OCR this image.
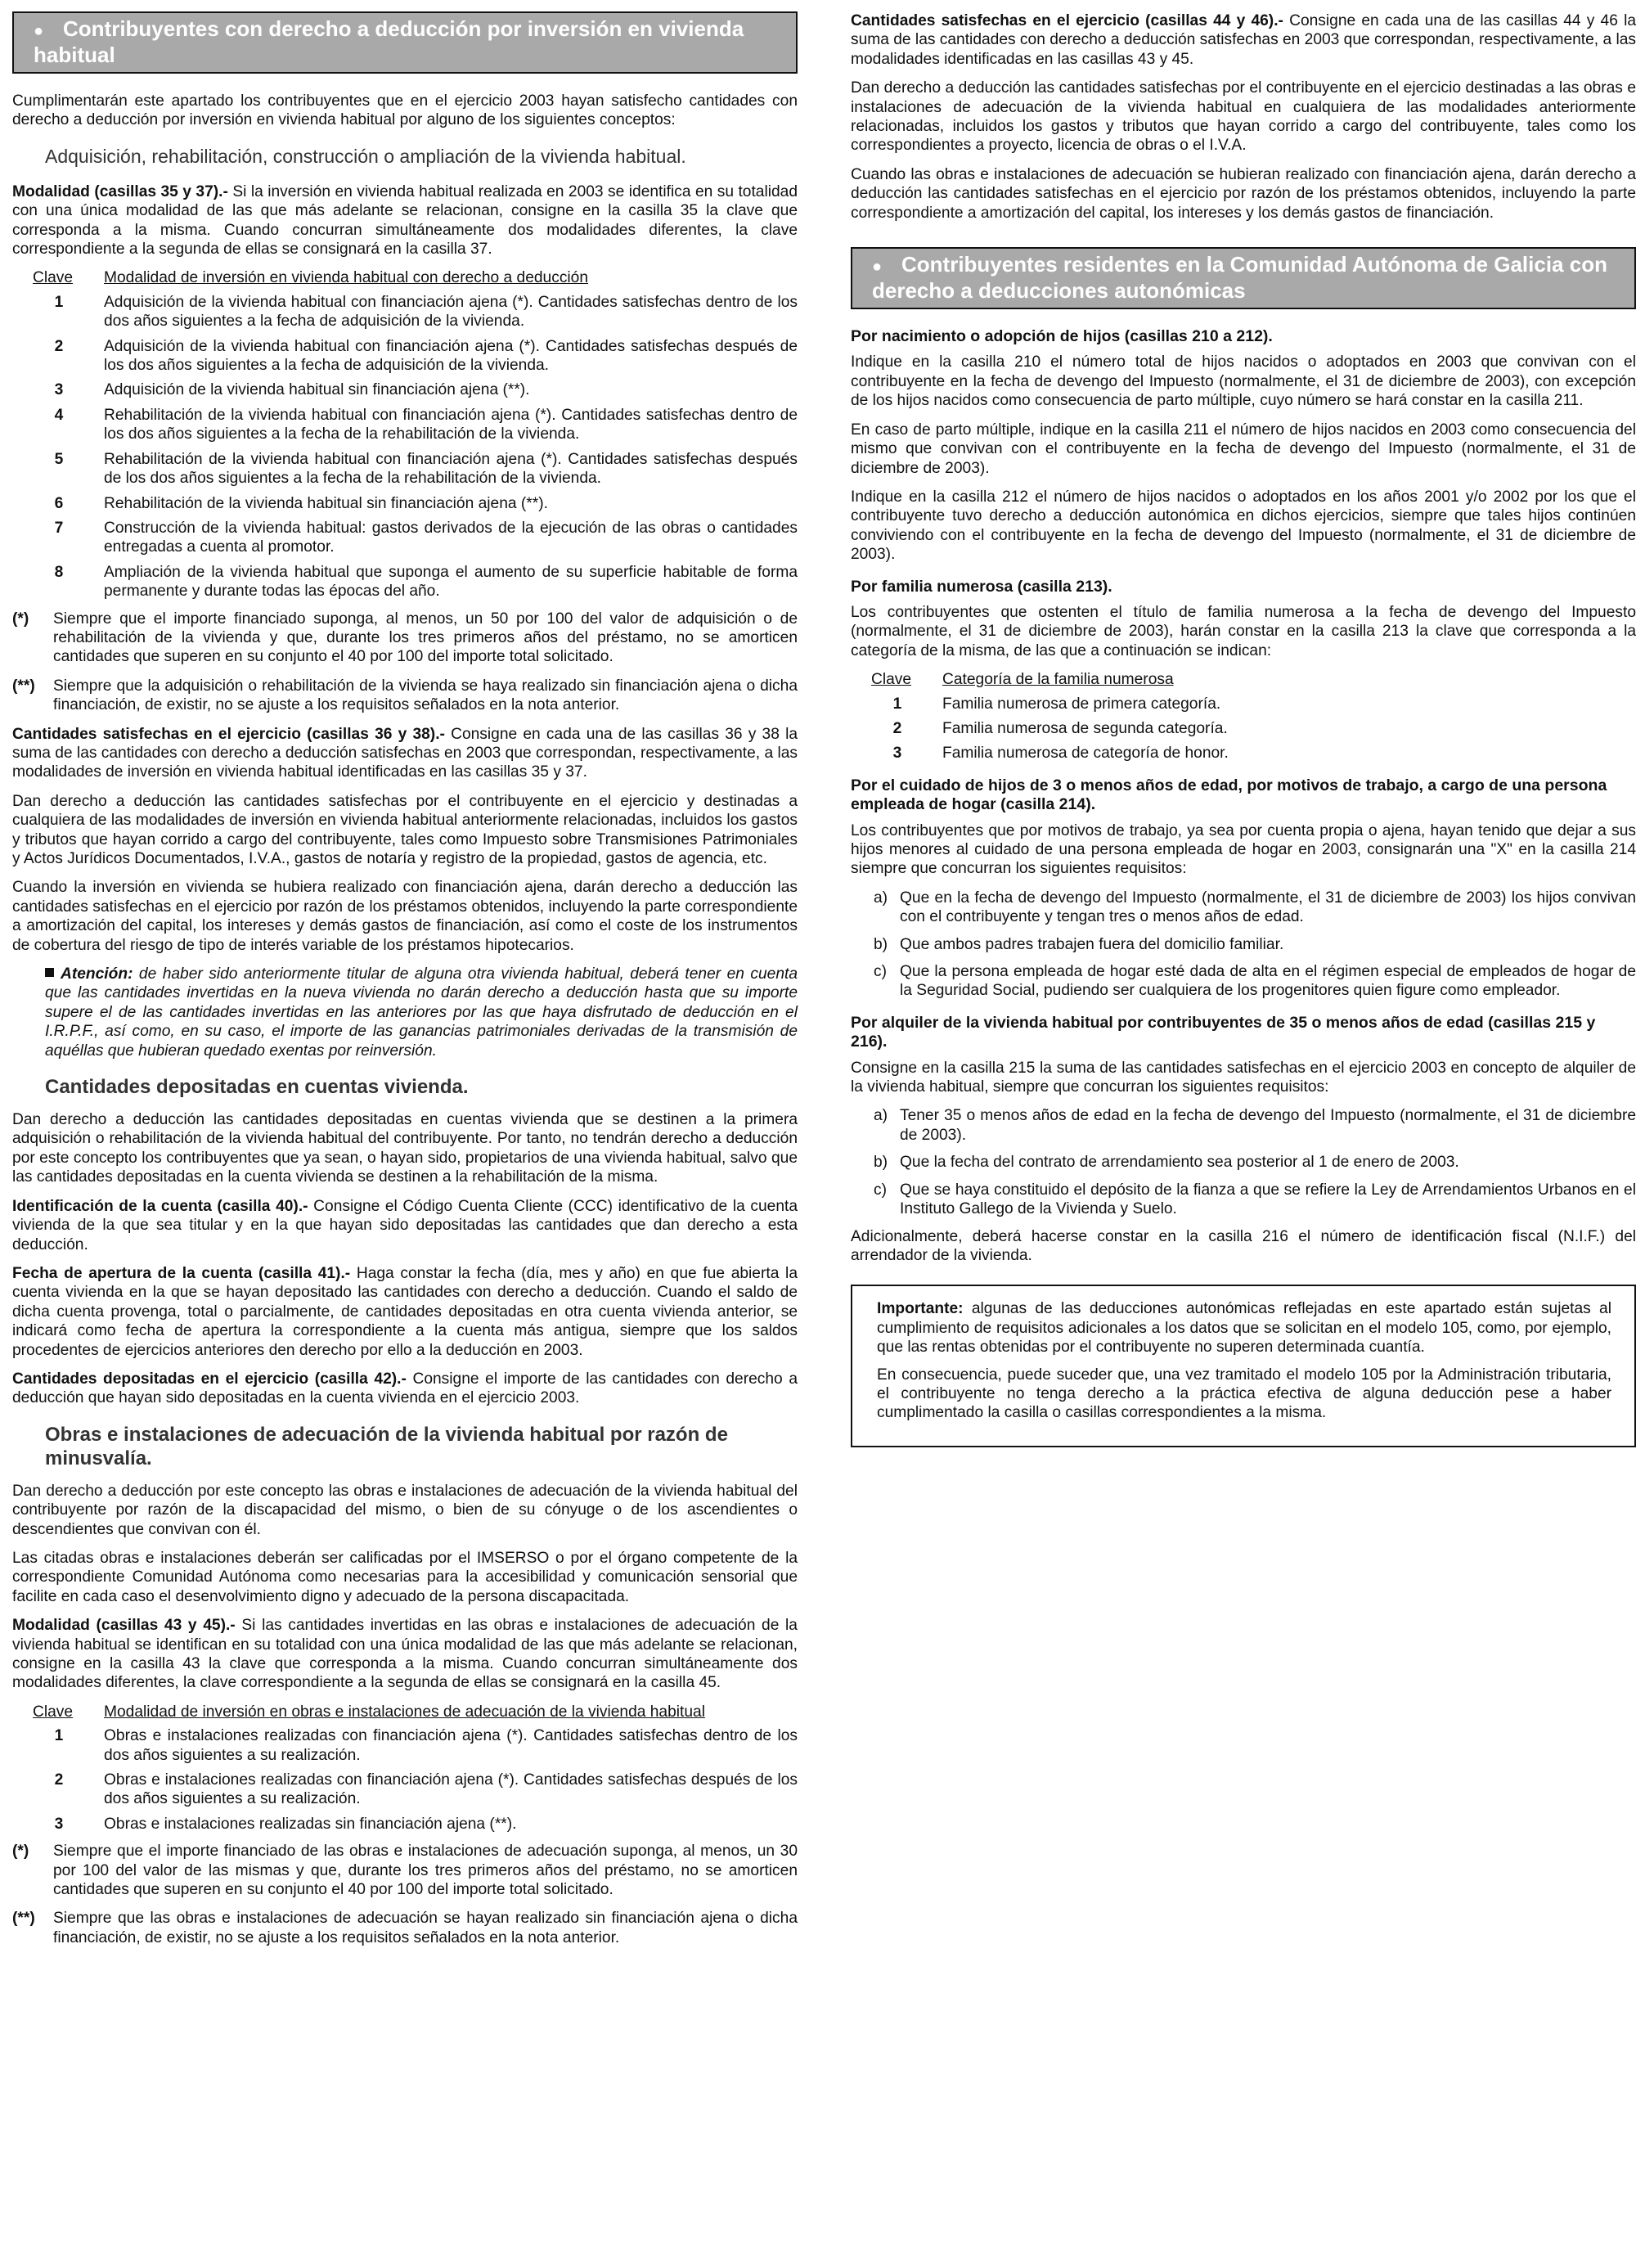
● Contribuyentes con derecho a deducción por inversión en vivienda habitual

Cumplimentarán este apartado los contribuyentes que en el ejercicio 2003 hayan satisfecho cantidades con derecho a deducción por inversión en vivienda habitual por alguno de los siguientes conceptos:

Adquisición, rehabilitación, construcción o ampliación de la vivienda habitual.

Modalidad (casillas 35 y 37).- Si la inversión en vivienda habitual realizada en 2003 se identifica en su totalidad con una única modalidad de las que más adelante se relacionan, consigne en la casilla 35 la clave que corresponda a la misma. Cuando concurran simultáneamente dos modalidades diferentes, la clave correspondiente a la segunda de ellas se consignará en la casilla 37.

Clave Modalidad de inversión en vivienda habitual con derecho a deducción
1	Adquisición de la vivienda habitual con financiación ajena (*). Cantidades satisfechas dentro de los dos años siguientes a la fecha de adquisición de la vivienda.
2	Adquisición de la vivienda habitual con financiación ajena (*). Cantidades satisfechas después de los dos años siguientes a la fecha de adquisición de la vivienda.
3	Adquisición de la vivienda habitual sin financiación ajena (**).
4	Rehabilitación de la vivienda habitual con financiación ajena (*). Cantidades satisfechas dentro de los dos años siguientes a la fecha de la rehabilitación de la vivienda.
5	Rehabilitación de la vivienda habitual con financiación ajena (*). Cantidades satisfechas después de los dos años siguientes a la fecha de la rehabilitación de la vivienda.
6	Rehabilitación de la vivienda habitual sin financiación ajena (**).
7	Construcción de la vivienda habitual: gastos derivados de la ejecución de las obras o cantidades entregadas a cuenta al promotor.
8	Ampliación de la vivienda habitual que suponga el aumento de su superficie habitable de forma permanente y durante todas las épocas del año.
(*)	Siempre que el importe financiado suponga, al menos, un 50 por 100 del valor de adquisición o de rehabilitación de la vivienda y que, durante los tres primeros años del préstamo, no se amorticen cantidades que superen en su conjunto el 40 por 100 del importe total solicitado.
(**)	Siempre que la adquisición o rehabilitación de la vivienda se haya realizado sin financiación ajena o dicha financiación, de existir, no se ajuste a los requisitos señalados en la nota anterior.

Cantidades satisfechas en el ejercicio (casillas 36 y 38).- Consigne en cada una de las casillas 36 y 38 la suma de las cantidades con derecho a deducción satisfechas en 2003 que correspondan, respectivamente, a las modalidades de inversión en vivienda habitual identificadas en las casillas 35 y 37.

Dan derecho a deducción las cantidades satisfechas por el contribuyente en el ejercicio y destinadas a cualquiera de las modalidades de inversión en vivienda habitual anteriormente relacionadas, incluidos los gastos y tributos que hayan corrido a cargo del contribuyente, tales como Impuesto sobre Transmisiones Patrimoniales y Actos Jurídicos Documentados, I.V.A., gastos de notaría y registro de la propiedad, gastos de agencia, etc.

Cuando la inversión en vivienda se hubiera realizado con financiación ajena, darán derecho a deducción las cantidades satisfechas en el ejercicio por razón de los préstamos obtenidos, incluyendo la parte correspondiente a amortización del capital, los intereses y demás gastos de financiación, así como el coste de los instrumentos de cobertura del riesgo de tipo de interés variable de los préstamos hipotecarios.

Atención: de haber sido anteriormente titular de alguna otra vivienda habitual, deberá tener en cuenta que las cantidades invertidas en la nueva vivienda no darán derecho a deducción hasta que su importe supere el de las cantidades invertidas en las anteriores por las que haya disfrutado de deducción en el I.R.P.F., así como, en su caso, el importe de las ganancias patrimoniales derivadas de la transmisión de aquéllas que hubieran quedado exentas por reinversión.

Cantidades depositadas en cuentas vivienda.

Dan derecho a deducción las cantidades depositadas en cuentas vivienda que se destinen a la primera adquisición o rehabilitación de la vivienda habitual del contribuyente. Por tanto, no tendrán derecho a deducción por este concepto los contribuyentes que ya sean, o hayan sido, propietarios de una vivienda habitual, salvo que las cantidades depositadas en la cuenta vivienda se destinen a la rehabilitación de la misma.

Identificación de la cuenta (casilla 40).- Consigne el Código Cuenta Cliente (CCC) identificativo de la cuenta vivienda de la que sea titular y en la que hayan sido depositadas las cantidades que dan derecho a esta deducción.

Fecha de apertura de la cuenta (casilla 41).- Haga constar la fecha (día, mes y año) en que fue abierta la cuenta vivienda en la que se hayan depositado las cantidades con derecho a deducción. Cuando el saldo de dicha cuenta provenga, total o parcialmente, de cantidades depositadas en otra cuenta vivienda anterior, se indicará como fecha de apertura la correspondiente a la cuenta más antigua, siempre que los saldos procedentes de ejercicios anteriores den derecho por ello a la deducción en 2003.

Cantidades depositadas en el ejercicio (casilla 42).- Consigne el importe de las cantidades con derecho a deducción que hayan sido depositadas en la cuenta vivienda en el ejercicio 2003.

Obras e instalaciones de adecuación de la vivienda habitual por razón de minusvalía.

Dan derecho a deducción por este concepto las obras e instalaciones de adecuación de la vivienda habitual del contribuyente por razón de la discapacidad del mismo, o bien de su cónyuge o de los ascendientes o descendientes que convivan con él.

Las citadas obras e instalaciones deberán ser calificadas por el IMSERSO o por el órgano competente de la correspondiente Comunidad Autónoma como necesarias para la accesibilidad y comunicación sensorial que facilite en cada caso el desenvolvimiento digno y adecuado de la persona discapacitada.

Modalidad (casillas 43 y 45).- Si las cantidades invertidas en las obras e instalaciones de adecuación de la vivienda habitual se identifican en su totalidad con una única modalidad de las que más adelante se relacionan, consigne en la casilla 43 la clave que corresponda a la misma. Cuando concurran simultáneamente dos modalidades diferentes, la clave correspondiente a la segunda de ellas se consignará en la casilla 45.

Clave Modalidad de inversión en obras e instalaciones de adecuación de la vivienda habitual
1	Obras e instalaciones realizadas con financiación ajena (*). Cantidades satisfechas dentro de los dos años siguientes a su realización.
2	Obras e instalaciones realizadas con financiación ajena (*). Cantidades satisfechas después de los dos años siguientes a su realización.
3	Obras e instalaciones realizadas sin financiación ajena (**).
(*)	Siempre que el importe financiado de las obras e instalaciones de adecuación suponga, al menos, un 30 por 100 del valor de las mismas y que, durante los tres primeros años del préstamo, no se amorticen cantidades que superen en su conjunto el 40 por 100 del importe total solicitado.
(**)	Siempre que las obras e instalaciones de adecuación se hayan realizado sin financiación ajena o dicha financiación, de existir, no se ajuste a los requisitos señalados en la nota anterior.

Cantidades satisfechas en el ejercicio (casillas 44 y 46).- Consigne en cada una de las casillas 44 y 46 la suma de las cantidades con derecho a deducción satisfechas en 2003 que correspondan, respectivamente, a las modalidades identificadas en las casillas 43 y 45.

Dan derecho a deducción las cantidades satisfechas por el contribuyente en el ejercicio destinadas a las obras e instalaciones de adecuación de la vivienda habitual en cualquiera de las modalidades anteriormente relacionadas, incluidos los gastos y tributos que hayan corrido a cargo del contribuyente, tales como los correspondientes a proyecto, licencia de obras o el I.V.A.

Cuando las obras e instalaciones de adecuación se hubieran realizado con financiación ajena, darán derecho a deducción las cantidades satisfechas en el ejercicio por razón de los préstamos obtenidos, incluyendo la parte correspondiente a amortización del capital, los intereses y los demás gastos de financiación.

● Contribuyentes residentes en la Comunidad Autónoma de Galicia con derecho a deducciones autonómicas
Por nacimiento o adopción de hijos (casillas 210 a 212).

Indique en la casilla 210 el número total de hijos nacidos o adoptados en 2003 que convivan con el contribuyente en la fecha de devengo del Impuesto (normalmente, el 31 de diciembre de 2003), con excepción de los hijos nacidos como consecuencia de parto múltiple, cuyo número se hará constar en la casilla 211.

En caso de parto múltiple, indique en la casilla 211 el número de hijos nacidos en 2003 como consecuencia del mismo que convivan con el contribuyente en la fecha de devengo del Impuesto (normalmente, el 31 de diciembre de 2003).

Indique en la casilla 212 el número de hijos nacidos o adoptados en los años 2001 y/o 2002 por los que el contribuyente tuvo derecho a deducción autonómica en dichos ejercicios, siempre que tales hijos continúen conviviendo con el contribuyente en la fecha de devengo del Impuesto (normalmente, el 31 de diciembre de 2003).

Por familia numerosa (casilla 213).

Los contribuyentes que ostenten el título de familia numerosa a la fecha de devengo del Impuesto (normalmente, el 31 de diciembre de 2003), harán constar en la casilla 213 la clave que corresponda a la categoría de la misma, de las que a continuación se indican:

Clave Categoría de la familia numerosa
1	Familia numerosa de primera categoría.
2	Familia numerosa de segunda categoría.
3	Familia numerosa de categoría de honor.
Por el cuidado de hijos de 3 o menos años de edad, por motivos de trabajo, a cargo de una persona empleada de hogar (casilla 214).

Los contribuyentes que por motivos de trabajo, ya sea por cuenta propia o ajena, hayan tenido que dejar a sus hijos menores al cuidado de una persona empleada de hogar en 2003, consignarán una "X" en la casilla 214 siempre que concurran los siguientes requisitos:

a) Que en la fecha de devengo del Impuesto (normalmente, el 31 de diciembre de 2003) los hijos convivan con el contribuyente y tengan tres o menos años de edad.
b) Que ambos padres trabajen fuera del domicilio familiar.
c) Que la persona empleada de hogar esté dada de alta en el régimen especial de empleados de hogar de la Seguridad Social, pudiendo ser cualquiera de los progenitores quien figure como empleador.
Por alquiler de la vivienda habitual por contribuyentes de 35 o menos años de edad (casillas 215 y 216).

Consigne en la casilla 215 la suma de las cantidades satisfechas en el ejercicio 2003 en concepto de alquiler de la vivienda habitual, siempre que concurran los siguientes requisitos:

a) Tener 35 o menos años de edad en la fecha de devengo del Impuesto (normalmente, el 31 de diciembre de 2003).
b) Que la fecha del contrato de arrendamiento sea posterior al 1 de enero de 2003.
c) Que se haya constituido el depósito de la fianza a que se refiere la Ley de Arrendamientos Urbanos en el Instituto Gallego de la Vivienda y Suelo.

Adicionalmente, deberá hacerse constar en la casilla 216 el número de identificación fiscal (N.I.F.) del arrendador de la vivienda.

Importante: algunas de las deducciones autonómicas reflejadas en este apartado están sujetas al cumplimiento de requisitos adicionales a los datos que se solicitan en el modelo 105, como, por ejemplo, que las rentas obtenidas por el contribuyente no superen determinada cuantía.

En consecuencia, puede suceder que, una vez tramitado el modelo 105 por la Administración tributaria, el contribuyente no tenga derecho a la práctica efectiva de alguna deducción pese a haber cumplimentado la casilla o casillas correspondientes a la misma.
